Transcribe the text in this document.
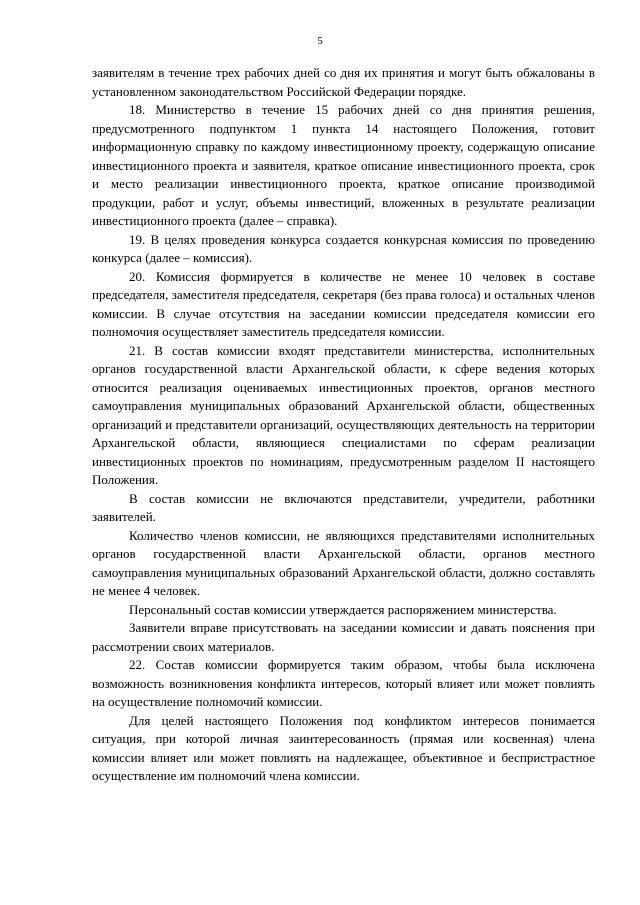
5

заявителям в течение трех рабочих дней со дня их принятия и могут быть обжалованы в установленном законодательством Российской Федерации порядке.

18. Министерство в течение 15 рабочих дней со дня принятия решения, предусмотренного подпунктом 1 пункта 14 настоящего Положения, готовит информационную справку по каждому инвестиционному проекту, содержащую описание инвестиционного проекта и заявителя, краткое описание инвестиционного проекта, срок и место реализации инвестиционного проекта, краткое описание производимой продукции, работ и услуг, объемы инвестиций, вложенных в результате реализации инвестиционного проекта (далее – справка).

19. В целях проведения конкурса создается конкурсная комиссия по проведению конкурса (далее – комиссия).

20. Комиссия формируется в количестве не менее 10 человек в составе председателя, заместителя председателя, секретаря (без права голоса) и остальных членов комиссии. В случае отсутствия на заседании комиссии председателя комиссии его полномочия осуществляет заместитель председателя комиссии.

21. В состав комиссии входят представители министерства, исполнительных органов государственной власти Архангельской области, к сфере ведения которых относится реализация оцениваемых инвестиционных проектов, органов местного самоуправления муниципальных образований Архангельской области, общественных организаций и представители организаций, осуществляющих деятельность на территории Архангельской области, являющиеся специалистами по сферам реализации инвестиционных проектов по номинациям, предусмотренным разделом II настоящего Положения.

В состав комиссии не включаются представители, учредители, работники заявителей.

Количество членов комиссии, не являющихся представителями исполнительных органов государственной власти Архангельской области, органов местного самоуправления муниципальных образований Архангельской области, должно составлять не менее 4 человек.

Персональный состав комиссии утверждается распоряжением министерства.

Заявители вправе присутствовать на заседании комиссии и давать пояснения при рассмотрении своих материалов.

22. Состав комиссии формируется таким образом, чтобы была исключена возможность возникновения конфликта интересов, который влияет или может повлиять на осуществление полномочий комиссии.

Для целей настоящего Положения под конфликтом интересов понимается ситуация, при которой личная заинтересованность (прямая или косвенная) члена комиссии влияет или может повлиять на надлежащее, объективное и беспристрастное осуществление им полномочий члена комиссии.
